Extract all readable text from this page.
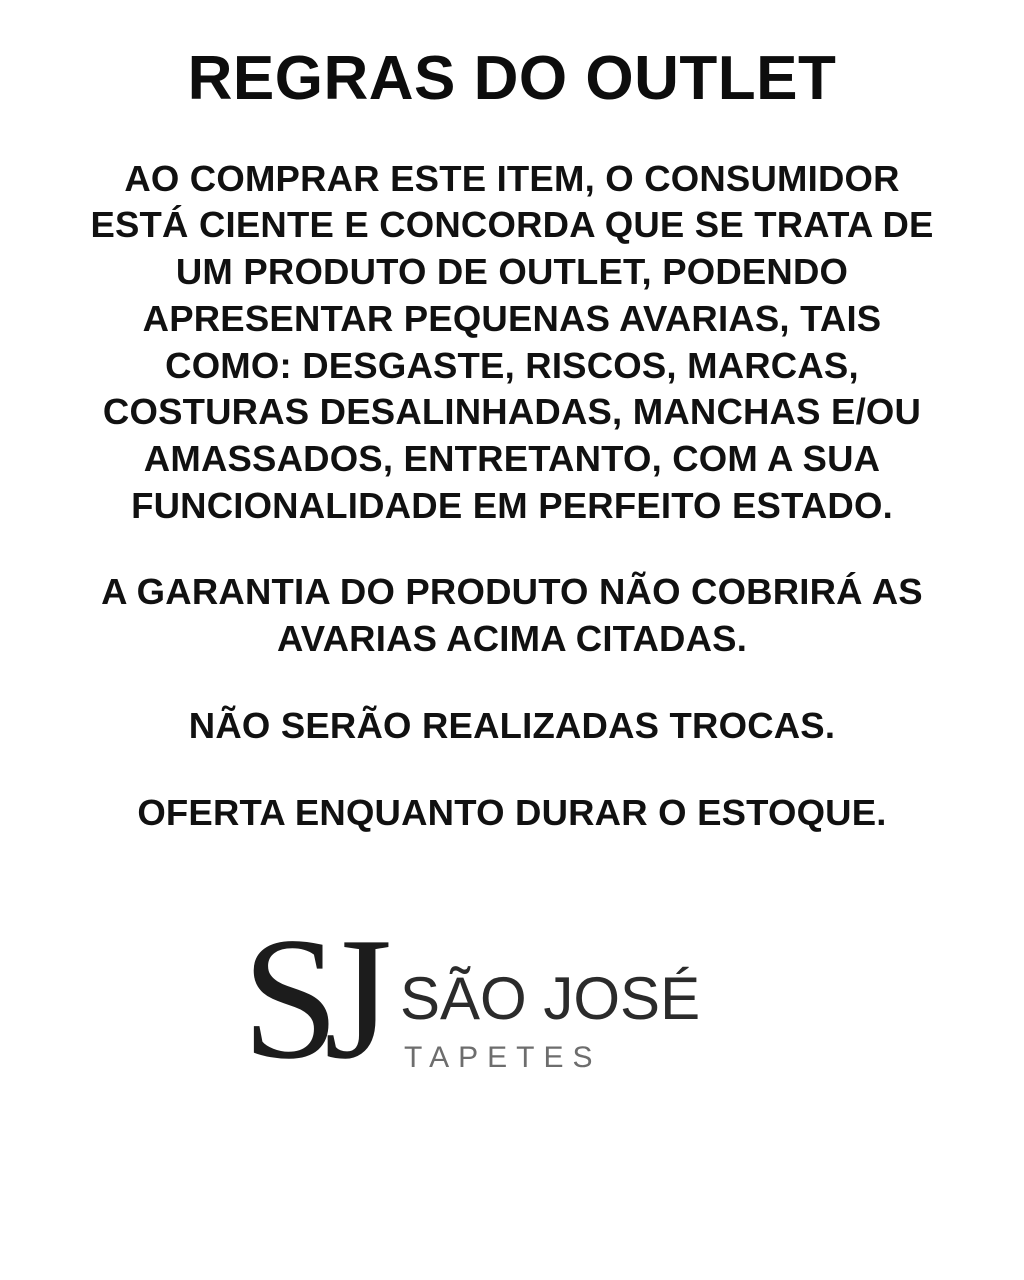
REGRAS DO OUTLET

AO COMPRAR ESTE ITEM, O CONSUMIDOR ESTÁ CIENTE E CONCORDA QUE SE TRATA DE UM PRODUTO DE OUTLET, PODENDO APRESENTAR PEQUENAS AVARIAS, TAIS COMO: DESGASTE, RISCOS, MARCAS, COSTURAS DESALINHADAS, MANCHAS E/OU AMASSADOS, ENTRETANTO, COM A SUA FUNCIONALIDADE EM PERFEITO ESTADO.

A GARANTIA DO PRODUTO NÃO COBRIRÁ AS AVARIAS ACIMA CITADAS.

NÃO SERÃO REALIZADAS TROCAS.

OFERTA ENQUANTO DURAR O ESTOQUE.

S
J SÃO JOSÉ
TAPETES
